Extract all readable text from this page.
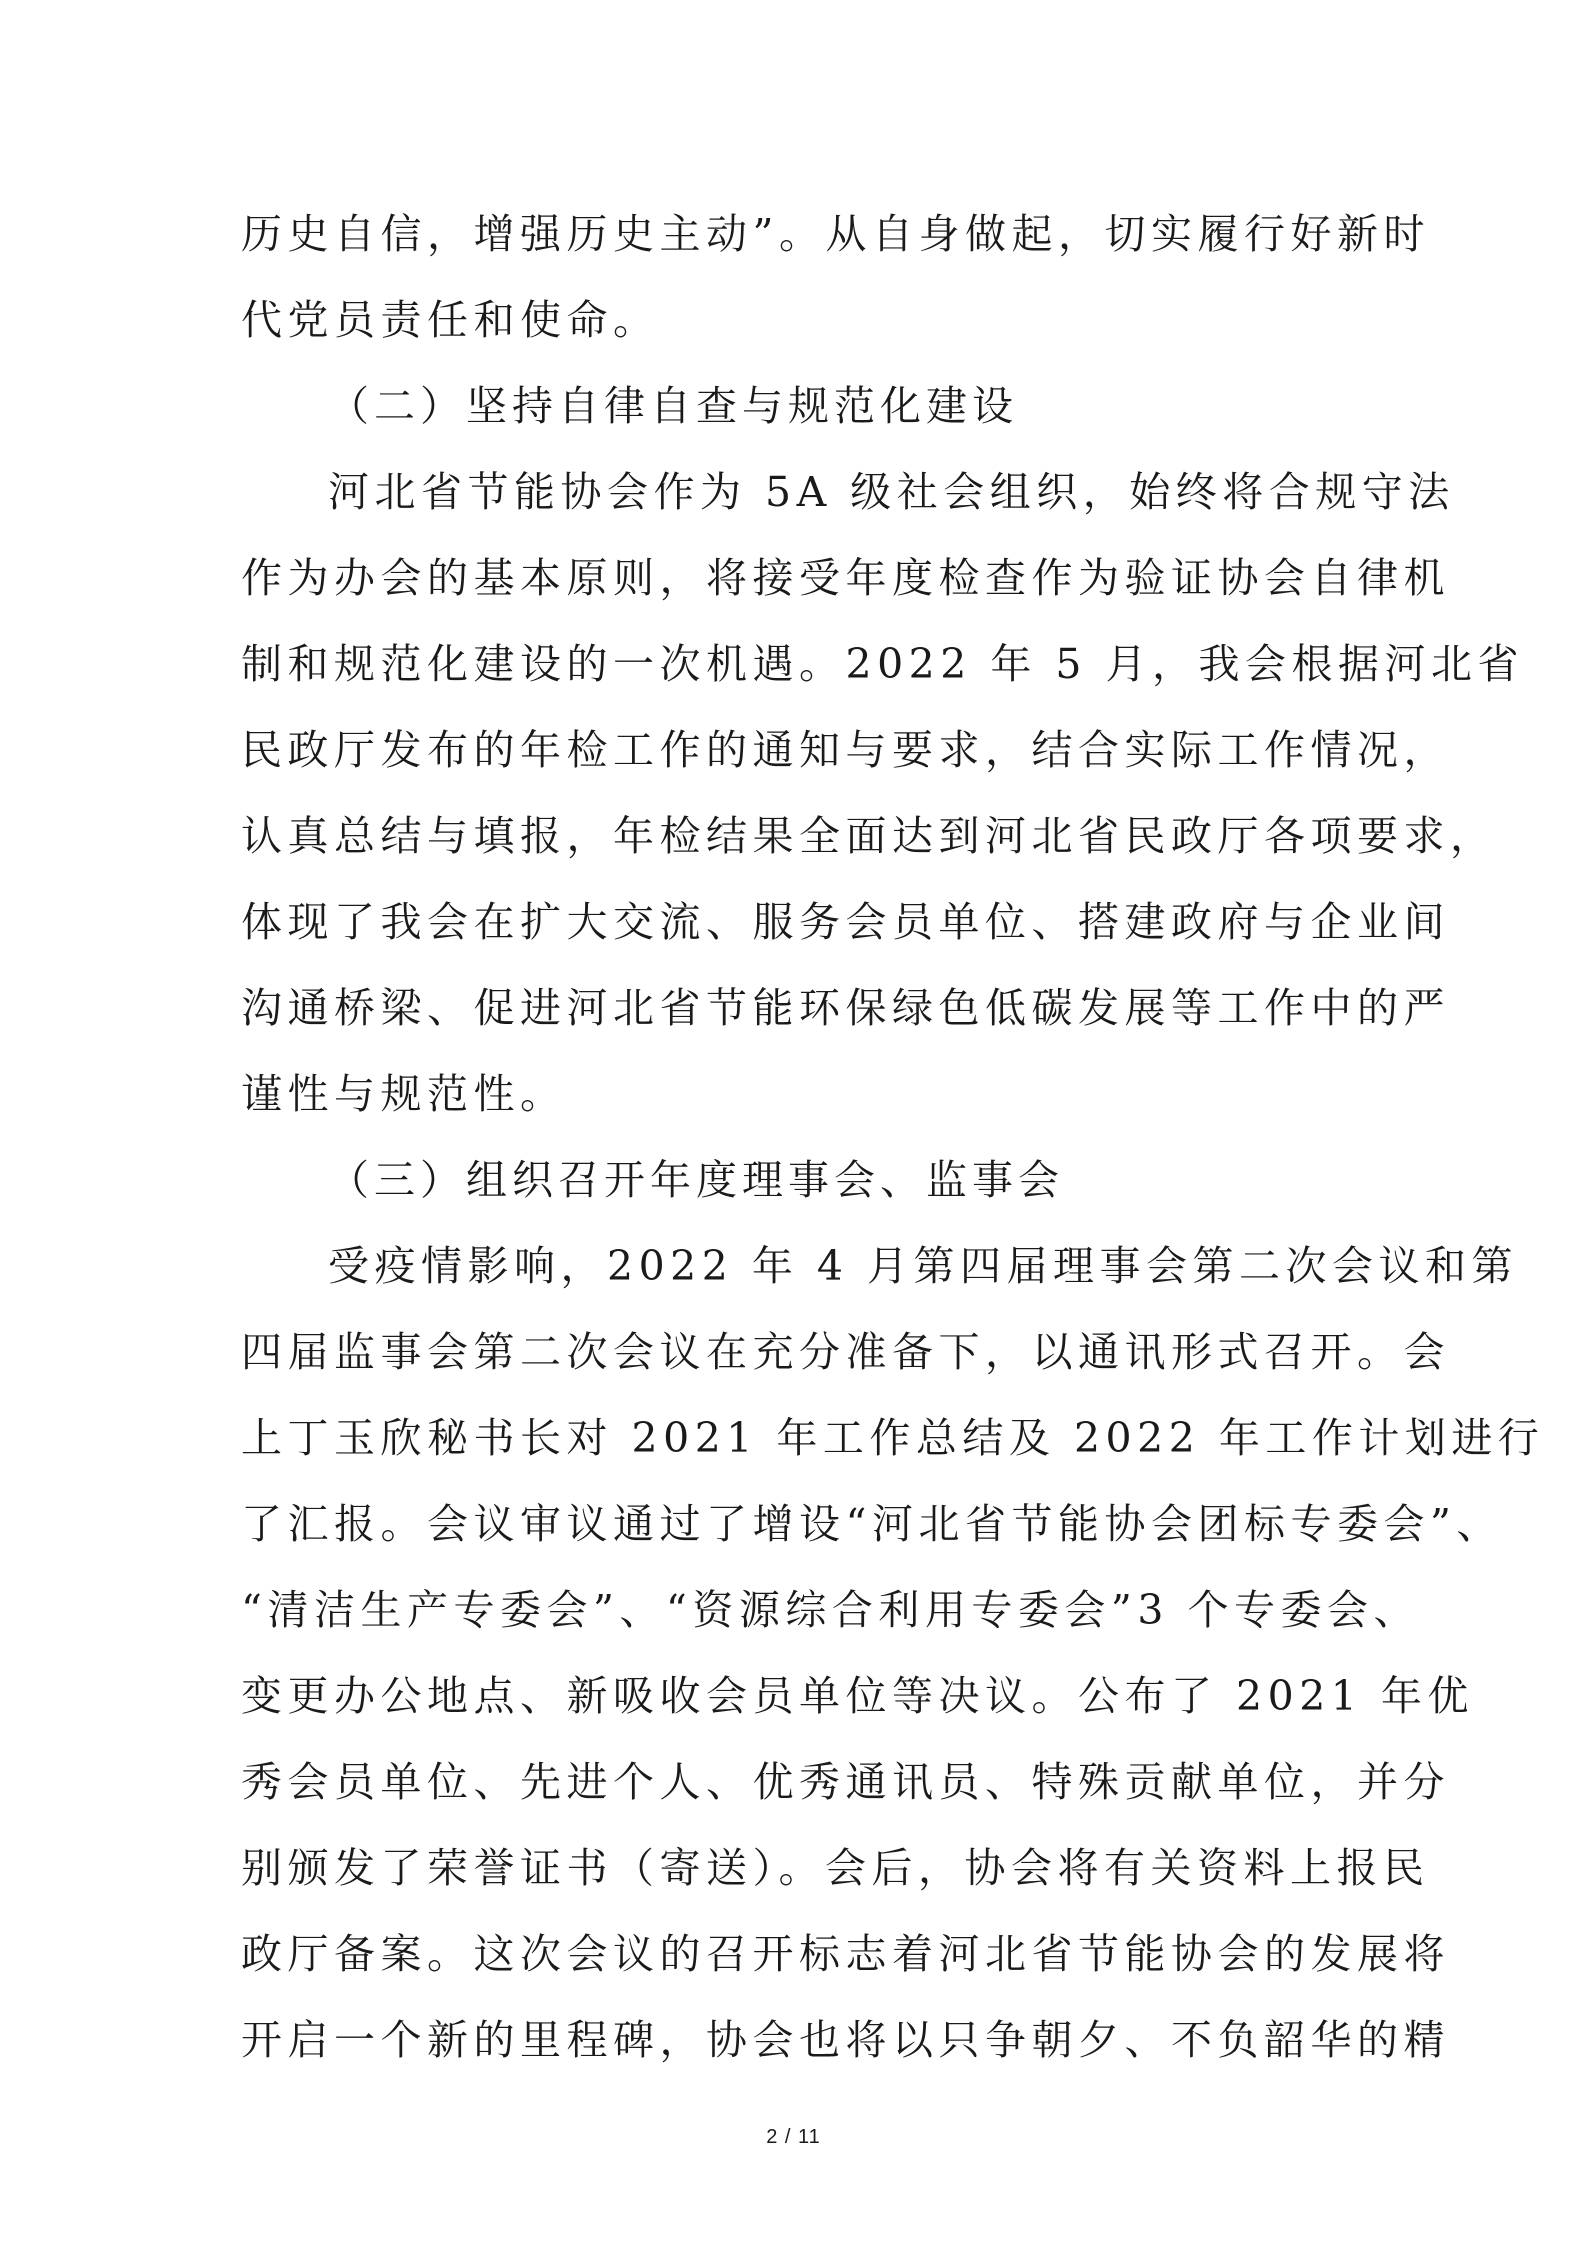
历史自信，增强历史主动”。从自身做起，切实履行好新时
代党员责任和使命。
（二）坚持自律自查与规范化建设
河北省节能协会作为 5A 级社会组织，始终将合规守法
作为办会的基本原则，将接受年度检查作为验证协会自律机
制和规范化建设的一次机遇。2022 年 5 月，我会根据河北省
民政厅发布的年检工作的通知与要求，结合实际工作情况，
认真总结与填报，年检结果全面达到河北省民政厅各项要求，
体现了我会在扩大交流、服务会员单位、搭建政府与企业间
沟通桥梁、促进河北省节能环保绿色低碳发展等工作中的严
谨性与规范性。
（三）组织召开年度理事会、监事会
受疫情影响，2022 年 4 月第四届理事会第二次会议和第
四届监事会第二次会议在充分准备下，以通讯形式召开。会
上丁玉欣秘书长对 2021 年工作总结及 2022 年工作计划进行
了汇报。会议审议通过了增设“河北省节能协会团标专委会”、
“清洁生产专委会”、“资源综合利用专委会”3 个专委会、
变更办公地点、新吸收会员单位等决议。公布了 2021 年优
秀会员单位、先进个人、优秀通讯员、特殊贡献单位，并分
别颁发了荣誉证书（寄送）。会后，协会将有关资料上报民
政厅备案。这次会议的召开标志着河北省节能协会的发展将
开启一个新的里程碑，协会也将以只争朝夕、不负韶华的精
2 / 11
